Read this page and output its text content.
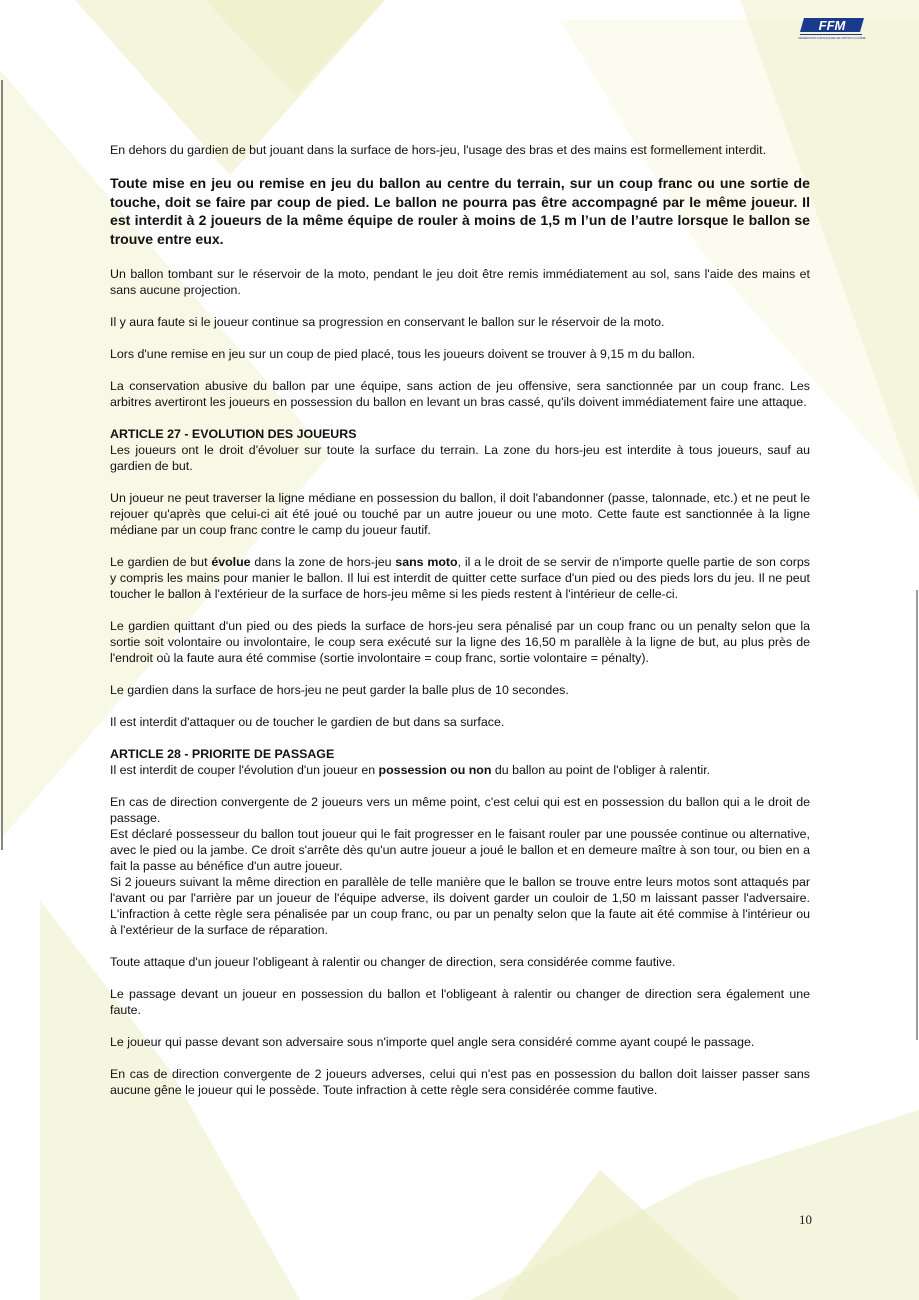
FFM
FÉDÉRATION FRANÇAISE DE MOTOCYCLISME

En dehors du gardien de but jouant dans la surface de hors-jeu, l'usage des bras et des mains est formellement interdit.

Toute mise en jeu ou remise en jeu du ballon au centre du terrain, sur un coup franc ou une sortie de touche, doit se faire par coup de pied. Le ballon ne pourra pas être accompagné par le même joueur. Il est interdit à 2 joueurs de la même équipe de rouler à moins de 1,5 m l’un de l’autre lorsque le ballon se trouve entre eux.

Un ballon tombant sur le réservoir de la moto, pendant le jeu doit être remis immédiatement au sol, sans l'aide des mains et sans aucune projection.

Il y aura faute si le joueur continue sa progression en conservant le ballon sur le réservoir de la moto.

Lors d'une remise en jeu sur un coup de pied placé, tous les joueurs doivent se trouver à 9,15 m du ballon.

La conservation abusive du ballon par une équipe, sans action de jeu offensive, sera sanctionnée par un coup franc. Les arbitres avertiront les joueurs en possession du ballon en levant un bras cassé, qu'ils doivent immédiatement faire une attaque.

ARTICLE 27 - EVOLUTION DES JOUEURS

Les joueurs ont le droit d'évoluer sur toute la surface du terrain. La zone du hors-jeu est interdite à tous joueurs, sauf au gardien de but.

Un joueur ne peut traverser la ligne médiane en possession du ballon, il doit l'abandonner (passe, talonnade, etc.) et ne peut le rejouer qu'après que celui-ci ait été joué ou touché par un autre joueur ou une moto. Cette faute est sanctionnée à la ligne médiane par un coup franc contre le camp du joueur fautif.

Le gardien de but évolue dans la zone de hors-jeu sans moto, il a le droit de se servir de n'importe quelle partie de son corps y compris les mains pour manier le ballon. Il lui est interdit de quitter cette surface d'un pied ou des pieds lors du jeu. Il ne peut toucher le ballon à l'extérieur de la surface de hors-jeu même si les pieds restent à l'intérieur de celle-ci.

Le gardien quittant d'un pied ou des pieds la surface de hors-jeu sera pénalisé par un coup franc ou un penalty selon que la sortie soit volontaire ou involontaire, le coup sera exécuté sur la ligne des 16,50 m parallèle à la ligne de but, au plus près de l'endroit où la faute aura été commise (sortie involontaire = coup franc, sortie volontaire = pénalty).

Le gardien dans la surface de hors-jeu ne peut garder la balle plus de 10 secondes.

Il est interdit d'attaquer ou de toucher le gardien de but dans sa surface.

ARTICLE 28 - PRIORITE DE PASSAGE

Il est interdit de couper l'évolution d'un joueur en possession ou non du ballon au point de l'obliger à ralentir.

En cas de direction convergente de 2 joueurs vers un même point, c'est celui qui est en possession du ballon qui a le droit de passage.

Est déclaré possesseur du ballon tout joueur qui le fait progresser en le faisant rouler par une poussée continue ou alternative, avec le pied ou la jambe. Ce droit s'arrête dès qu'un autre joueur a joué le ballon et en demeure maître à son tour, ou bien en a fait la passe au bénéfice d'un autre joueur.

Si 2 joueurs suivant la même direction en parallèle de telle manière que le ballon se trouve entre leurs motos sont attaqués par l'avant ou par l'arrière par un joueur de l'équipe adverse, ils doivent garder un couloir de 1,50 m laissant passer l'adversaire. L'infraction à cette règle sera pénalisée par un coup franc, ou par un penalty selon que la faute ait été commise à l'intérieur ou à l'extérieur de la surface de réparation.

Toute attaque d'un joueur l'obligeant à ralentir ou changer de direction, sera considérée comme fautive.

Le passage devant un joueur en possession du ballon et l'obligeant à ralentir ou changer de direction sera également une faute.

Le joueur qui passe devant son adversaire sous n'importe quel angle sera considéré comme ayant coupé le passage.

En cas de direction convergente de 2 joueurs adverses, celui qui n'est pas en possession du ballon doit laisser passer sans aucune gêne le joueur qui le possède. Toute infraction à cette règle sera considérée comme fautive.

10
